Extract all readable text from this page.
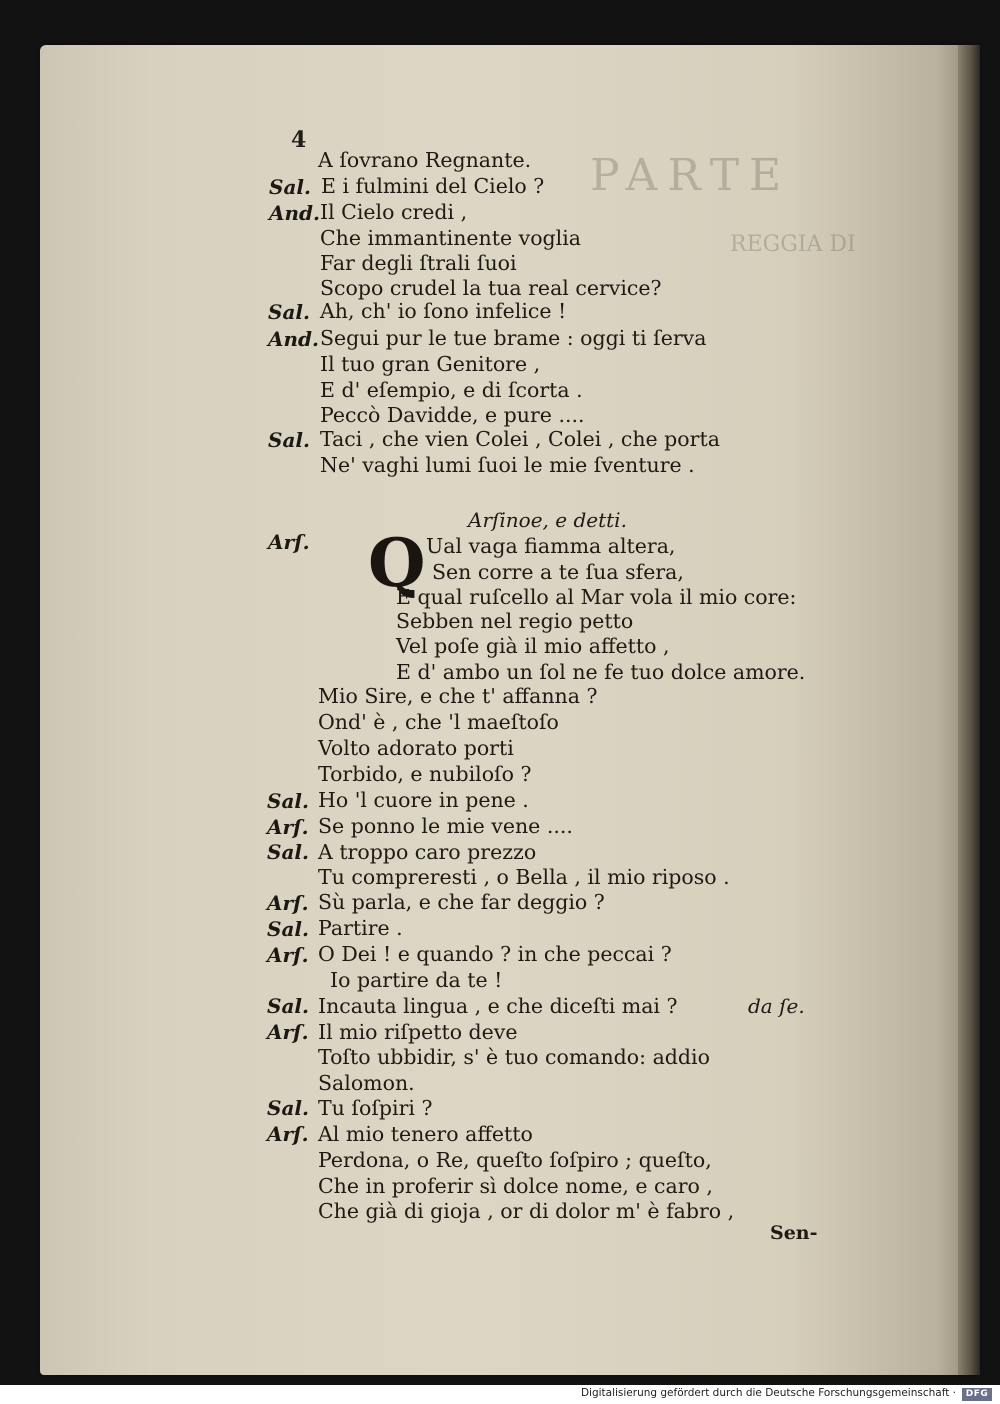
PARTE
REGGIA DI
4
Sal.
And.
Sal.
And.
Sal.
Arſ.
Sal.
Arſ.
Sal.
Arſ.
Sal.
Arſ.
Sal.
Arſ.
Sal.
Arſ.
A ſovrano Regnante.
E i fulmini del Cielo ?
Il Cielo credi ,
Che immantinente voglia
Far degli ſtrali ſuoi
Scopo crudel la tua real cervice?
Ah, ch' io ſono infelice !
Segui pur le tue brame : oggi ti ſerva
Il tuo gran Genitore ,
E d' eſempio, e di ſcorta .
Peccò Davidde, e pure ....
Taci , che vien Colei , Colei , che porta
Ne' vaghi lumi ſuoi le mie ſventure .
Arſinoe, e detti.
Q Ual vaga fiamma altera,
Sen corre a te ſua sfera,
E qual ruſcello al Mar vola il mio core:
Sebben nel regio petto
Vel poſe già il mio affetto ,
E d' ambo un ſol ne fe tuo dolce amore.
Mio Sire, e che t' affanna ?
Ond' è , che 'l maeſtoſo
Volto adorato porti
Torbido, e nubiloſo ?
Ho 'l cuore in pene .
Se ponno le mie vene ....
A troppo caro prezzo
Tu compreresti , o Bella , il mio riposo .
Sù parla, e che far deggio ?
Partire .
O Dei ! e quando ? in che peccai ?
Io partire da te !
Incauta lingua , e che diceſti mai ?	da ſe.
Il mio riſpetto deve
Toſto ubbidir, s' è tuo comando: addio
Salomon.
Tu ſoſpiri ?
Al mio tenero affetto
Perdona, o Re, queſto ſoſpiro ; queſto,
Che in proferir sì dolce nome, e caro ,
Che già di gioja , or di dolor m' è fabro ,
Sen-
Digitalisierung gefördert durch die Deutsche Forschungsgemeinschaft ·	DFG
